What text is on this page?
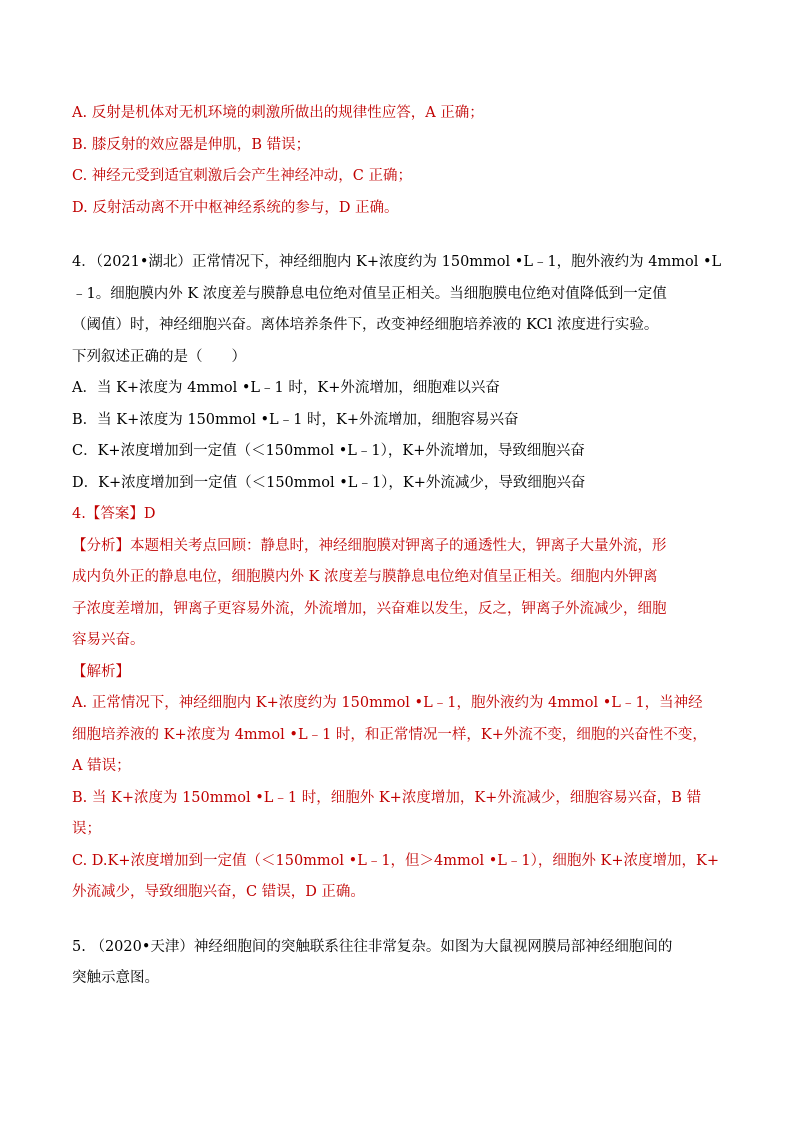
A. 反射是机体对无机环境的刺激所做出的规律性应答，A 正确；

B. 膝反射的效应器是伸肌，B 错误；

C. 神经元受到适宜刺激后会产生神经冲动，C 正确；

D. 反射活动离不开中枢神经系统的参与，D 正确。

4．（2021•湖北）正常情况下，神经细胞内 K+浓度约为 150mmol •L﹣1，胞外液约为 4mmol •L

﹣1。细胞膜内外 K 浓度差与膜静息电位绝对值呈正相关。当细胞膜电位绝对值降低到一定值

（阈值）时，神经细胞兴奋。离体培养条件下，改变神经细胞培养液的 KCl 浓度进行实验。

下列叙述正确的是（　　）

A．当 K+浓度为 4mmol •L﹣1 时，K+外流增加，细胞难以兴奋

B．当 K+浓度为 150mmol •L﹣1 时，K+外流增加，细胞容易兴奋

C．K+浓度增加到一定值（＜150mmol •L﹣1），K+外流增加，导致细胞兴奋

D．K+浓度增加到一定值（＜150mmol •L﹣1），K+外流减少，导致细胞兴奋

4.【答案】D

【分析】本题相关考点回顾：静息时，神经细胞膜对钾离子的通透性大，钾离子大量外流，形

成内负外正的静息电位，细胞膜内外 K 浓度差与膜静息电位绝对值呈正相关。细胞内外钾离

子浓度差增加，钾离子更容易外流，外流增加，兴奋难以发生，反之，钾离子外流减少，细胞

容易兴奋。

【解析】

A. 正常情况下，神经细胞内 K+浓度约为 150mmol •L﹣1，胞外液约为 4mmol •L﹣1，当神经

细胞培养液的 K+浓度为 4mmol •L﹣1 时，和正常情况一样，K+外流不变，细胞的兴奋性不变，

A 错误；

B. 当 K+浓度为 150mmol •L﹣1 时，细胞外 K+浓度增加，K+外流减少，细胞容易兴奋，B 错

误；

C. D.K+浓度增加到一定值（＜150mmol •L﹣1，但＞4mmol •L﹣1），细胞外 K+浓度增加，K+

外流减少，导致细胞兴奋，C 错误，D 正确。

5. （2020•天津）神经细胞间的突触联系往往非常复杂。如图为大鼠视网膜局部神经细胞间的

突触示意图。
